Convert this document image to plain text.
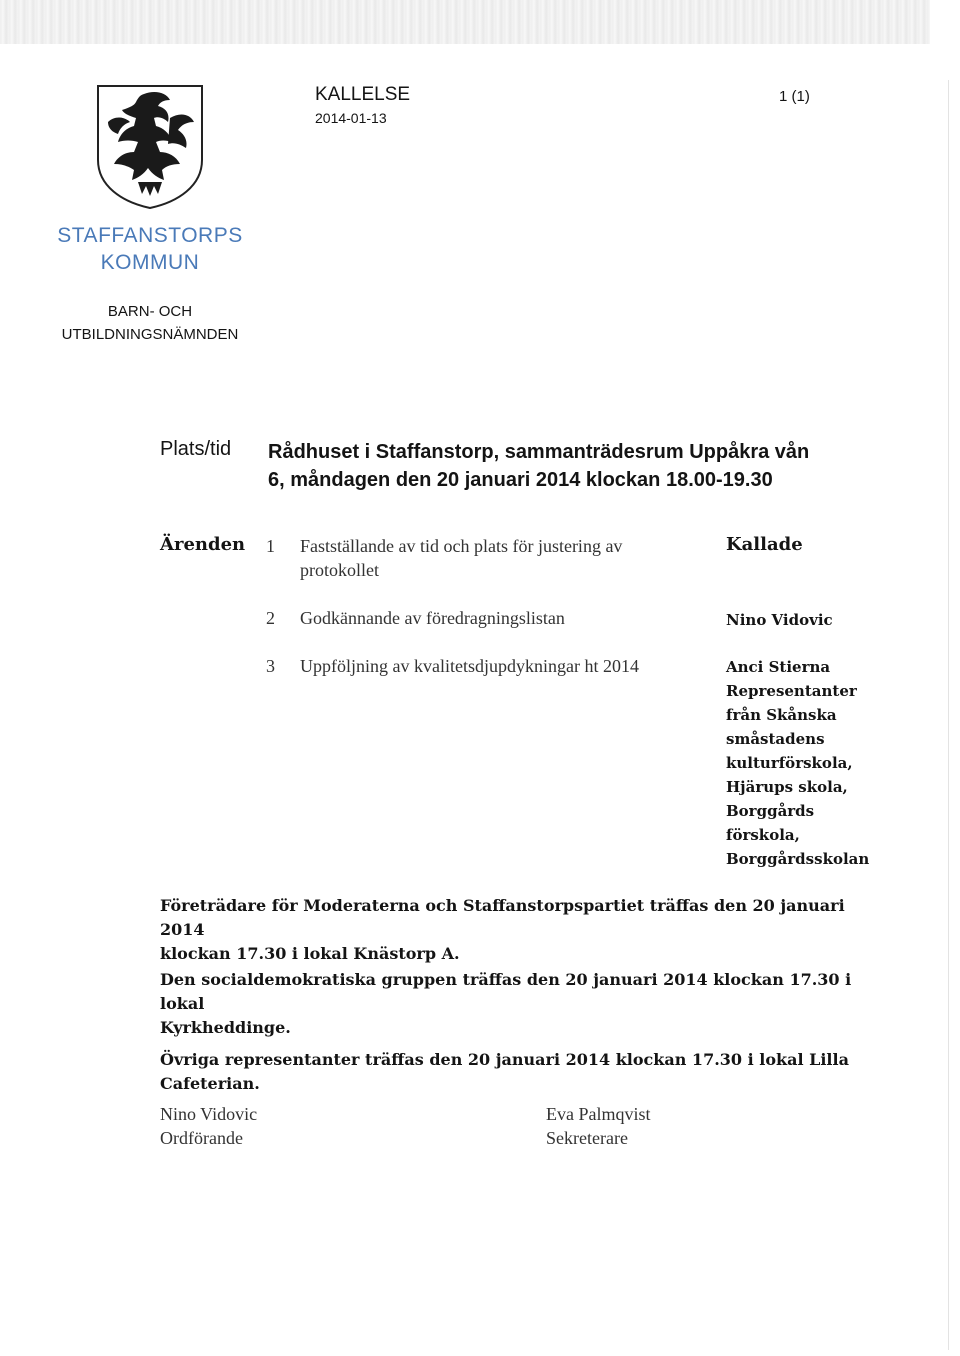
STAFFANSTORPS
KOMMUN
BARN- OCH
UTBILDNINGSNÄMNDEN
KALLELSE
2014-01-13
1 (1)
Plats/tid Rådhuset i Staffanstorp, sammanträdesrum Uppåkra vån
6, måndagen den 20 januari 2014 klockan 18.00-19.30
Ärenden	Kallade
1 Fastställande av tid och plats för justering av
protokollet
2 Godkännande av föredragningslistan	Nino Vidovic
3 Uppföljning av kvalitetsdjupdykningar ht 2014	Anci Stierna
Representanter
från Skånska
småstadens
kulturförskola,
Hjärups skola,
Borggårds
förskola,
Borggårdsskolan
Företrädare för Moderaterna och Staffanstorpspartiet träffas den 20 januari 2014
klockan 17.30 i lokal Knästorp A.
Den socialdemokratiska gruppen träffas den 20 januari 2014 klockan 17.30 i lokal
Kyrkheddinge.
Övriga representanter träffas den 20 januari 2014 klockan 17.30 i lokal Lilla
Cafeterian.
Nino Vidovic
Ordförande
Eva Palmqvist
Sekreterare
